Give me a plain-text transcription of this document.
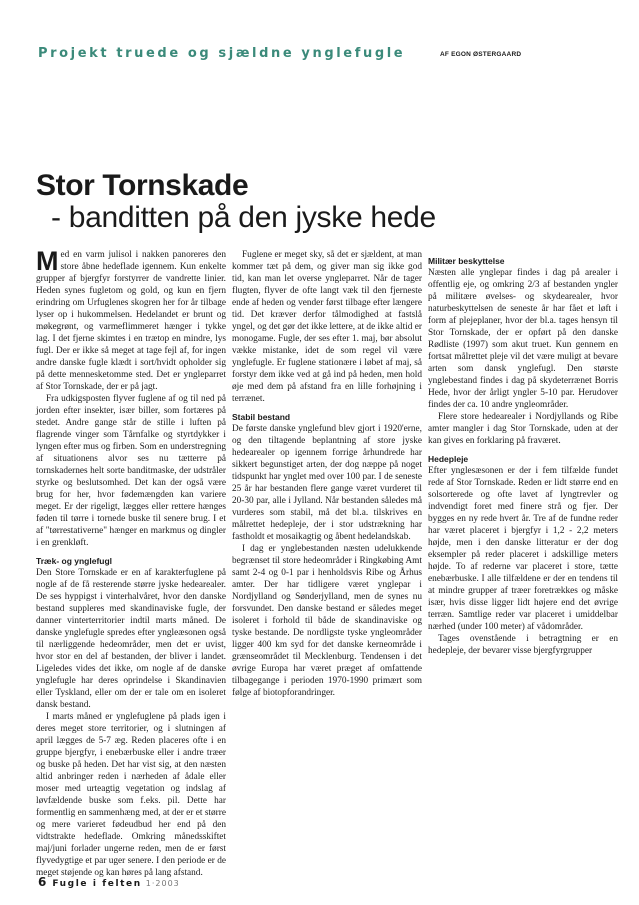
Projekt truede og sjældne ynglefugle	AF EGON ØSTERGAARD
Stor Tornskade
- banditten på den jyske hede

Med en varm julisol i nakken panoreres den store åbne hedeflade igennem. Kun enkelte grupper af bjergfyr forstyrrer de vandrette linier. Heden synes fugletom og gold, og kun en fjern erindring om Urfuglenes skogren her for år tilbage lyser op i hukommelsen. Hedelandet er brunt og møkegrønt, og varmeflimmeret hænger i tykke lag. I det fjerne skimtes i en trætop en mindre, lys fugl. Der er ikke så meget at tage fejl af, for ingen andre danske fugle klædt i sort/hvidt opholder sig på dette mennesketomme sted. Det er yngleparret af Stor Tornskade, der er på jagt.

Fra udkigsposten flyver fuglene af og til ned på jorden efter insekter, især biller, som fortæres på stedet. Andre gange står de stille i luften på flagrende vinger som Tårnfalke og styrtdykker i lyngen efter mus og firben. Som en understregning af situationens alvor ses nu tætterre på tornskadernes helt sorte banditmaske, der udstråler styrke og beslutsomhed. Det kan der også være brug for her, hvor fødemængden kan variere meget. Er der rigeligt, lægges eller rettere hænges føden til tørre i tornede buske til senere brug. I et af "tørrestativerne" hænger en markmus og dingler i en grenkløft.

Træk- og ynglefugl

Den Store Tornskade er en af karakterfuglene på nogle af de få resterende større jyske hedearealer. De ses hyppigst i vinterhalvåret, hvor den danske bestand suppleres med skandinaviske fugle, der danner vinterterritorier indtil marts måned. De danske ynglefugle spredes efter yngleæsonen også til nærliggende hedeområder, men det er uvist, hvor stor en del af bestanden, der bliver i landet. Ligeledes vides det ikke, om nogle af de danske ynglefugle har deres oprindelse i Skandinavien eller Tyskland, eller om der er tale om en isoleret dansk bestand.

I marts måned er ynglefuglene på plads igen i deres meget store territorier, og i slutningen af april lægges de 5-7 æg. Reden placeres ofte i en gruppe bjergfyr, i enebærbuske eller i andre træer og buske på heden. Det har vist sig, at den næsten altid anbringer reden i nærheden af ådale eller moser med urteagtig vegetation og indslag af løvfældende buske som f.eks. pil. Dette har formentlig en sammenhæng med, at der er et større og mere varieret fødeudbud her end på den vidtstrakte hedeflade. Omkring månedsskiftet maj/juni forlader ungerne reden, men de er først flyvedygtige et par uger senere. I den periode er de meget støjende og kan høres på lang afstand.

Fuglene er meget sky, så det er sjældent, at man kommer tæt på dem, og giver man sig ikke god tid, kan man let overse yngleparret. Når de tager flugten, flyver de ofte langt væk til den fjerneste ende af heden og vender først tilbage efter længere tid. Det kræver derfor tålmodighed at fastslå yngel, og det gør det ikke lettere, at de ikke altid er monogame. Fugle, der ses efter 1. maj, bør absolut vække mistanke, idet de som regel vil være ynglefugle. Er fuglene stationære i løbet af maj, så forstyr dem ikke ved at gå ind på heden, men hold øje med dem på afstand fra en lille forhøjning i terrænet.

Stabil bestand

De første danske ynglefund blev gjort i 1920'erne, og den tiltagende beplantning af store jyske hedearealer op igennem forrige århundrede har sikkert begunstiget arten, der dog næppe på noget tidspunkt har ynglet med over 100 par. I de seneste 25 år har bestanden flere gange været vurderet til 20-30 par, alle i Jylland. Når bestanden således må vurderes som stabil, må det bl.a. tilskrives en målrettet hedepleje, der i stor udstrækning har fastholdt et mosaikagtig og åbent hedelandskab.

I dag er ynglebestanden næsten udelukkende begrænset til store hedeområder i Ringkøbing Amt samt 2-4 og 0-1 par i henholdsvis Ribe og Århus amter. Der har tidligere været ynglepar i Nordjylland og Sønderjylland, men de synes nu forsvundet. Den danske bestand er således meget isoleret i forhold til både de skandinaviske og tyske bestande. De nordligste tyske yngleområder ligger 400 km syd for det danske kerneområde i grænseområdet til Mecklenburg. Tendensen i det øvrige Europa har været præget af omfattende tilbagegange i perioden 1970-1990 primært som følge af biotopforandringer.

Militær beskyttelse

Næsten alle ynglepar findes i dag på arealer i offentlig eje, og omkring 2/3 af bestanden yngler på militære øvelses- og skydearealer, hvor naturbeskyttelsen de seneste år har fået et løft i form af plejeplaner, hvor der bl.a. tages hensyn til Stor Tornskade, der er opført på den danske Rødliste (1997) som akut truet. Kun gennem en fortsat målrettet pleje vil det være muligt at bevare arten som dansk ynglefugl. Den største ynglebestand findes i dag på skydeterrænet Borris Hede, hvor der årligt yngler 5-10 par. Herudover findes der ca. 10 andre yngleområder.

Flere store hedearealer i Nordjyllands og Ribe amter mangler i dag Stor Tornskade, uden at der kan gives en forklaring på fraværet.

Hedepleje

Efter ynglesæsonen er der i fem tilfælde fundet rede af Stor Tornskade. Reden er lidt større end en solsorterede og ofte lavet af lyngtrevler og indvendigt foret med finere strå og fjer. Der bygges en ny rede hvert år. Tre af de fundne reder har været placeret i bjergfyr i 1,2 - 2,2 meters højde, men i den danske litteratur er der dog eksempler på reder placeret i adskillige meters højde. To af rederne var placeret i store, tætte enebærbuske. I alle tilfældene er der en tendens til at mindre grupper af træer foretrækkes og måske især, hvis disse ligger lidt højere end det øvrige terræn. Samtlige reder var placeret i umiddelbar nærhed (under 100 meter) af vådområder.

Tages ovenstående i betragtning er en hedepleje, der bevarer visse bjergfyrgrupper

6 Fugle i felten 1·2003
